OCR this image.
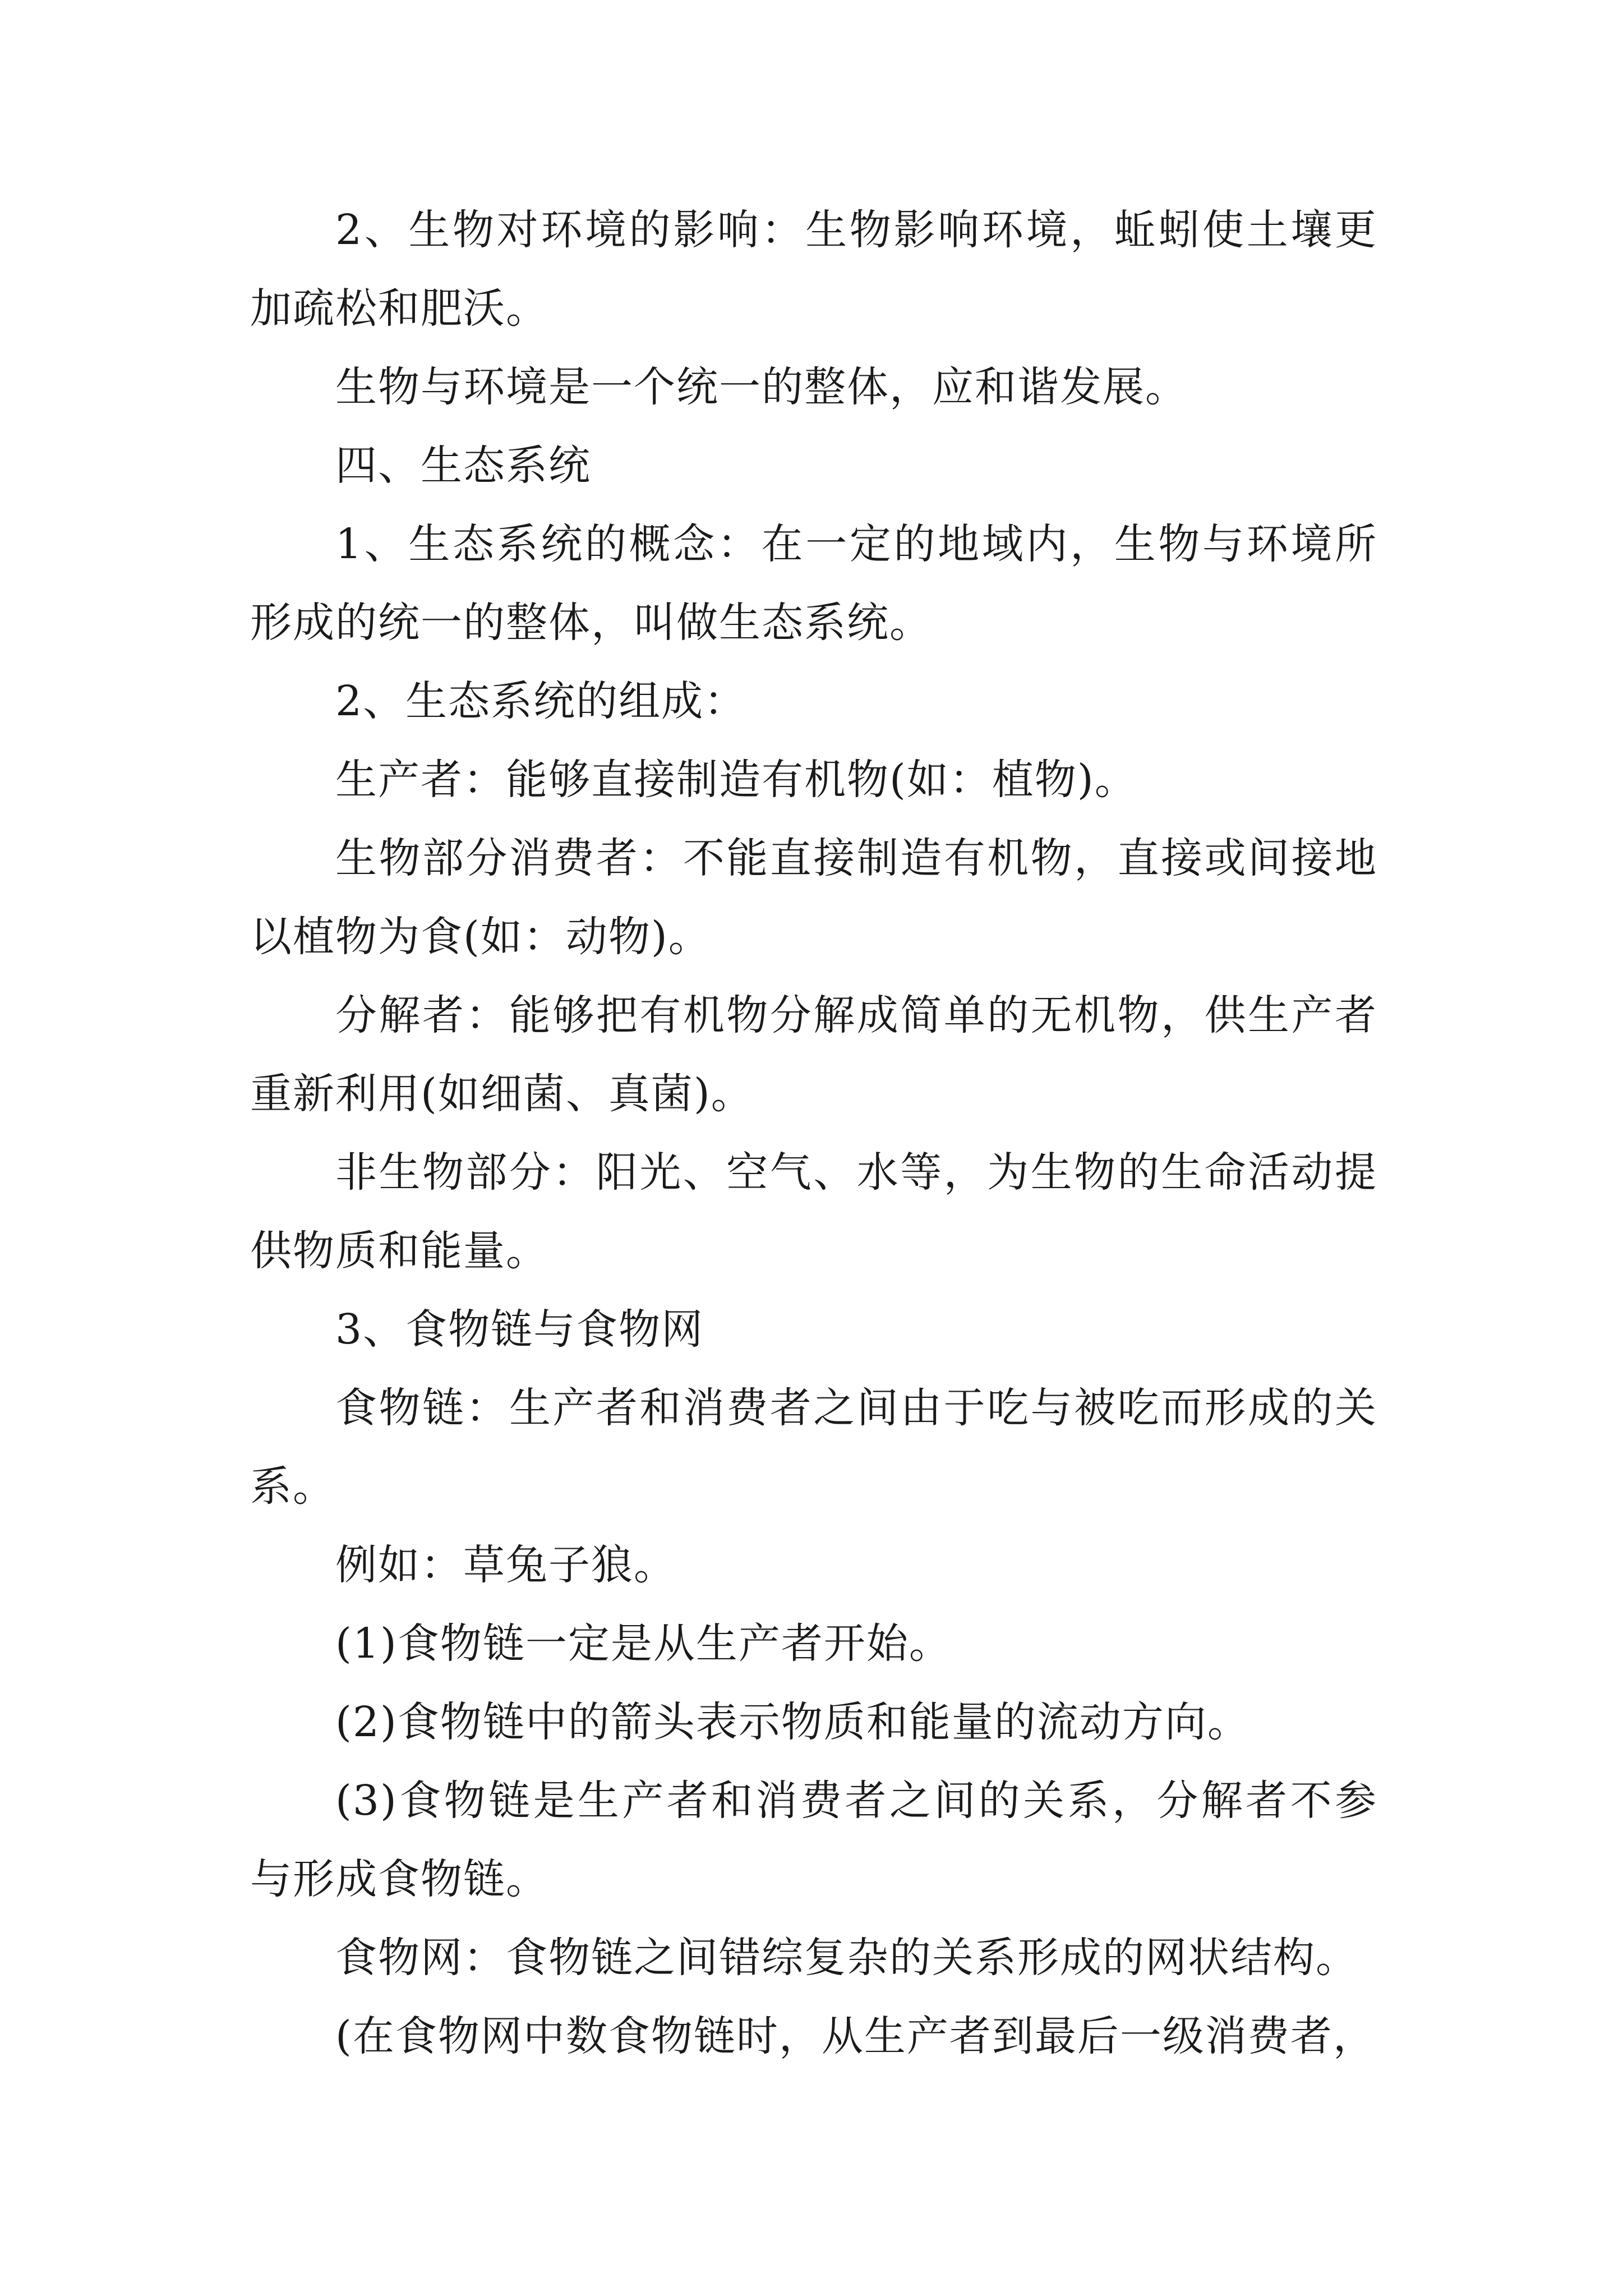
2、生物对环境的影响：生物影响环境，蚯蚓使土壤更加疏松和肥沃。

生物与环境是一个统一的整体，应和谐发展。

四、生态系统

1、生态系统的概念：在一定的地域内，生物与环境所形成的统一的整体，叫做生态系统。

2、生态系统的组成：

生产者：能够直接制造有机物(如：植物)。

生物部分消费者：不能直接制造有机物，直接或间接地以植物为食(如：动物)。

分解者：能够把有机物分解成简单的无机物，供生产者重新利用(如细菌、真菌)。

非生物部分：阳光、空气、水等，为生物的生命活动提供物质和能量。

3、食物链与食物网

食物链：生产者和消费者之间由于吃与被吃而形成的关系。

例如：草兔子狼。

(1)食物链一定是从生产者开始。

(2)食物链中的箭头表示物质和能量的流动方向。

(3)食物链是生产者和消费者之间的关系，分解者不参与形成食物链。

食物网：食物链之间错综复杂的关系形成的网状结构。

(在食物网中数食物链时，从生产者到最后一级消费者，
